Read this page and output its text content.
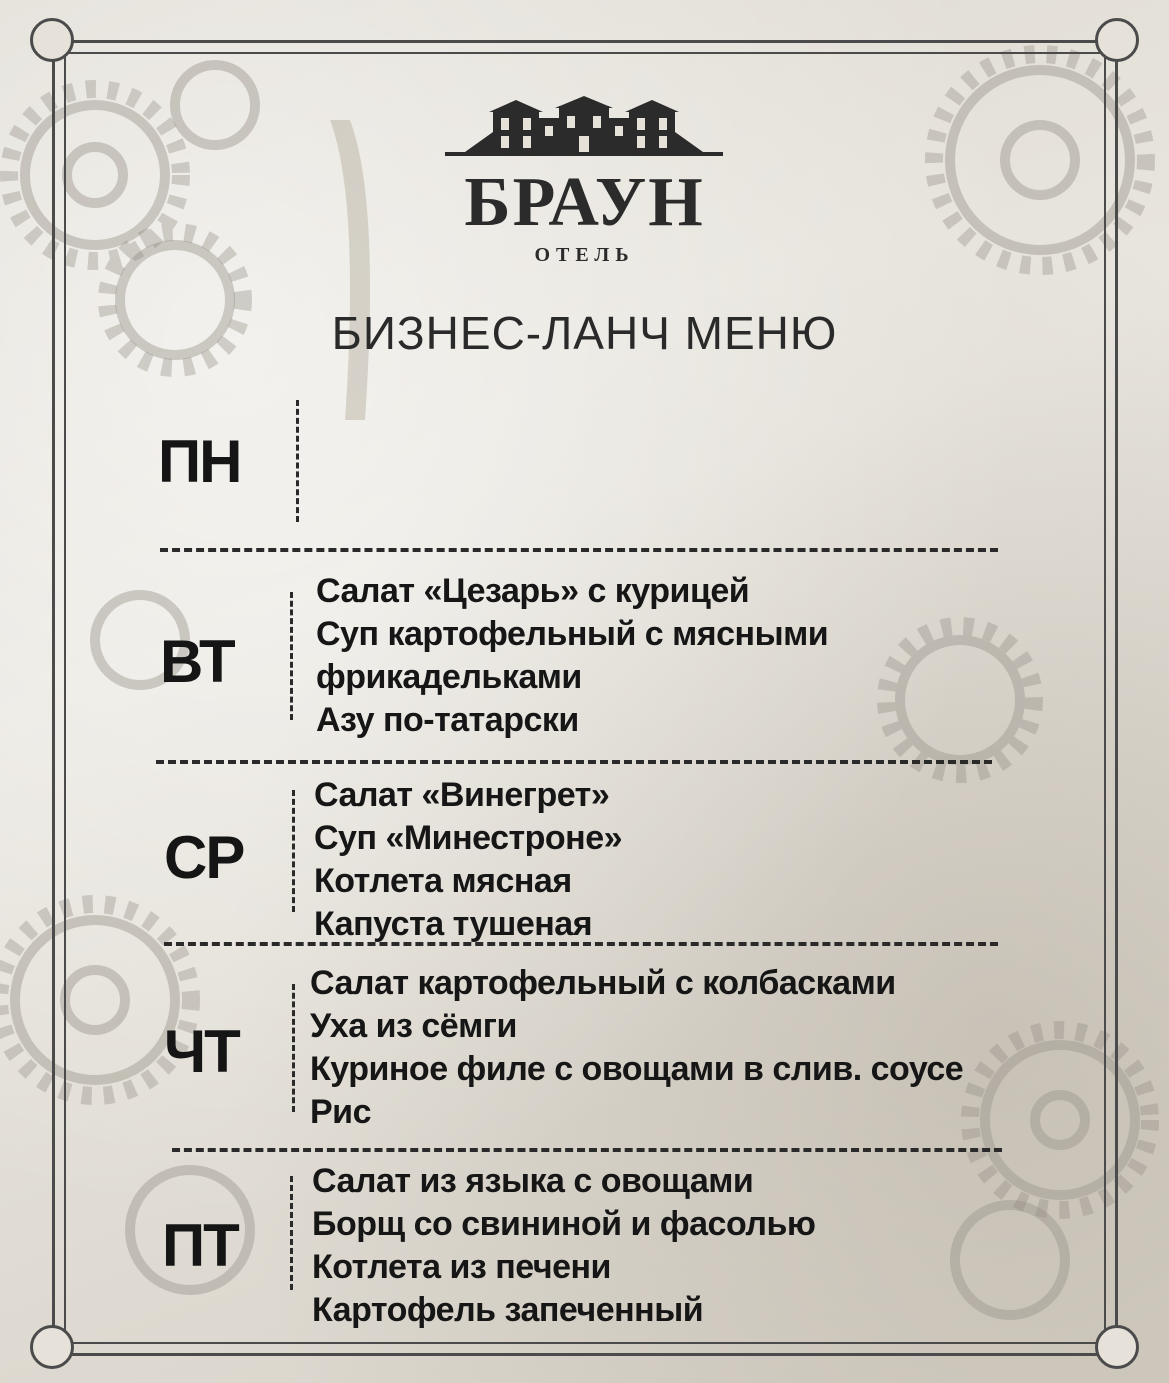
БРАУН
ОТЕЛЬ
БИЗНЕС-ЛАНЧ МЕНЮ
ПН
ВТ
Салат «Цезарь» с курицей
Суп картофельный с мясными
фрикадельками
Азу по-татарски
СР
Салат «Винегрет»
Суп «Минестроне»
Котлета мясная
Капуста тушеная
ЧТ
Салат картофельный с колбасками
Уха из сёмги
Куриное филе с овощами в слив. соусе
Рис
ПТ
Салат из языка с овощами
Борщ со свининой и фасолью
Котлета из печени
Картофель запеченный
